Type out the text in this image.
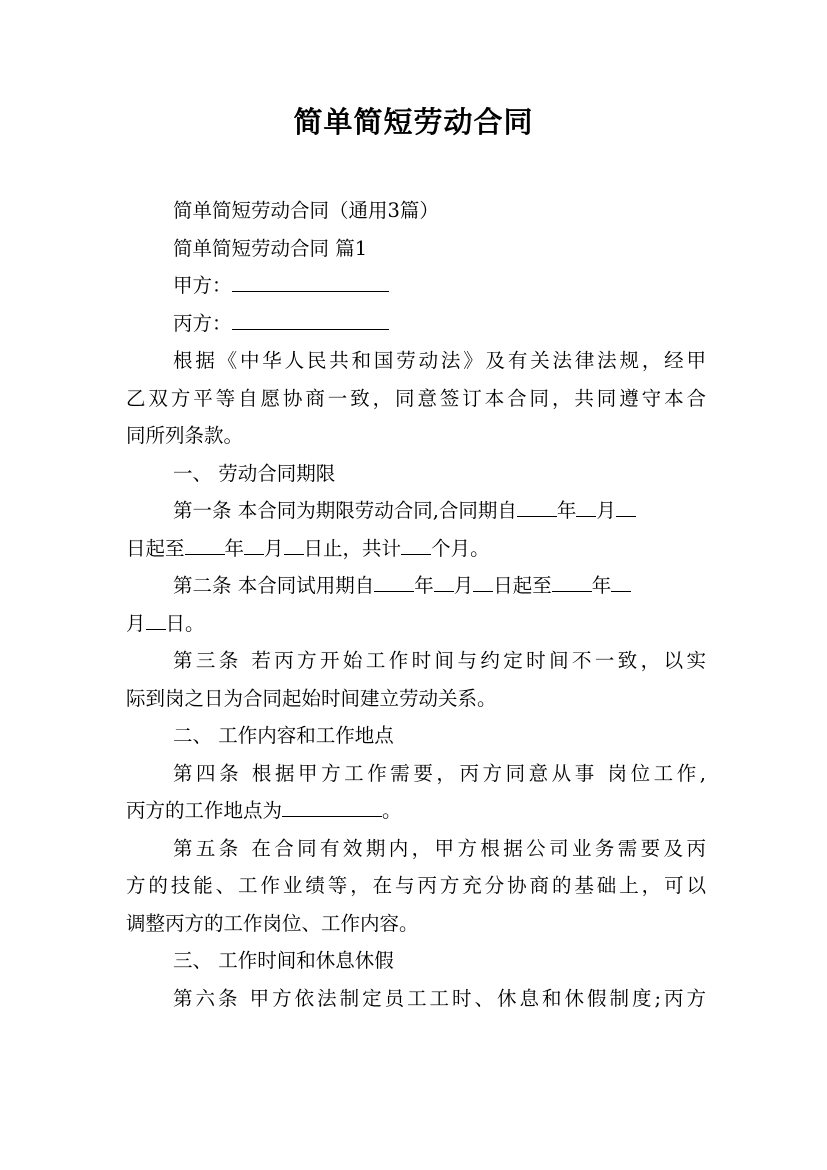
简单简短劳动合同
简单简短劳动合同（通用3篇）
简单简短劳动合同 篇1
甲方：
丙方：
根据《中华人民共和国劳动法》及有关法律法规，经甲
乙双方平等自愿协商一致，同意签订本合同，共同遵守本合
同所列条款。
一、 劳动合同期限
第一条 本合同为期限劳动合同,合同期自 年 月
日起至 年 月 日止，共计 个月。
第二条 本合同试用期自 年 月 日起至 年
月 日。
第三条 若丙方开始工作时间与约定时间不一致，以实
际到岗之日为合同起始时间建立劳动关系。
二、 工作内容和工作地点
第四条 根据甲方工作需要，丙方同意从事 岗位工作,
丙方的工作地点为	。
第五条 在合同有效期内，甲方根据公司业务需要及丙
方的技能、工作业绩等，在与丙方充分协商的基础上，可以
调整丙方的工作岗位、工作内容。
三、 工作时间和休息休假
第六条 甲方依法制定员工工时、休息和休假制度;丙方
